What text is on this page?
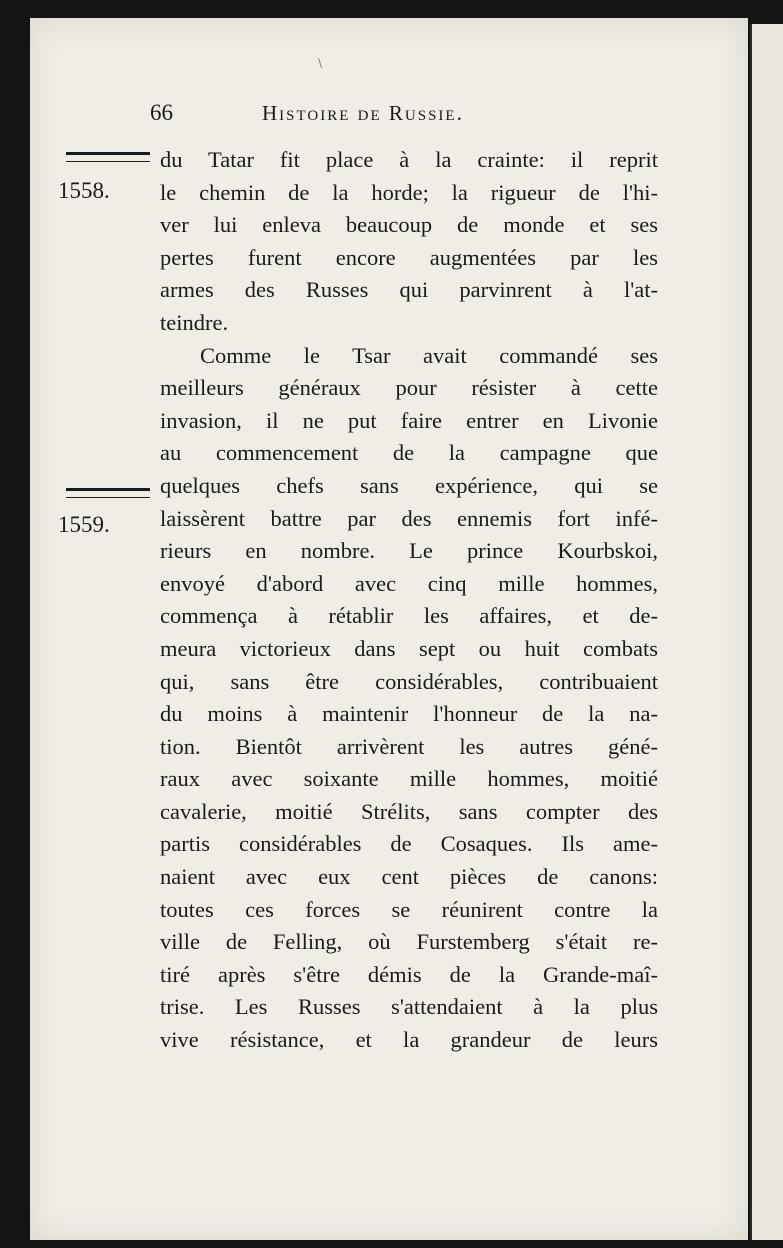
66	Histoire de Russie.
1558.
1559.
\
du Tatar fit place à la crainte: il reprit
le chemin de la horde; la rigueur de l'hi-
ver lui enleva beaucoup de monde et ses
pertes furent encore augmentées par les
armes des Russes qui parvinrent à l'at-
teindre.
Comme le Tsar avait commandé ses
meilleurs généraux pour résister à cette
invasion, il ne put faire entrer en Livonie
au commencement de la campagne que
quelques chefs sans expérience, qui se
laissèrent battre par des ennemis fort infé-
rieurs en nombre. Le prince Kourbskoi,
envoyé d'abord avec cinq mille hommes,
commença à rétablir les affaires, et de-
meura victorieux dans sept ou huit combats
qui, sans être considérables, contribuaient
du moins à maintenir l'honneur de la na-
tion. Bientôt arrivèrent les autres géné-
raux avec soixante mille hommes, moitié
cavalerie, moitié Strélits, sans compter des
partis considérables de Cosaques. Ils ame-
naient avec eux cent pièces de canons:
toutes ces forces se réunirent contre la
ville de Felling, où Furstemberg s'était re-
tiré après s'être démis de la Grande-maî-
trise. Les Russes s'attendaient à la plus
vive résistance, et la grandeur de leurs
